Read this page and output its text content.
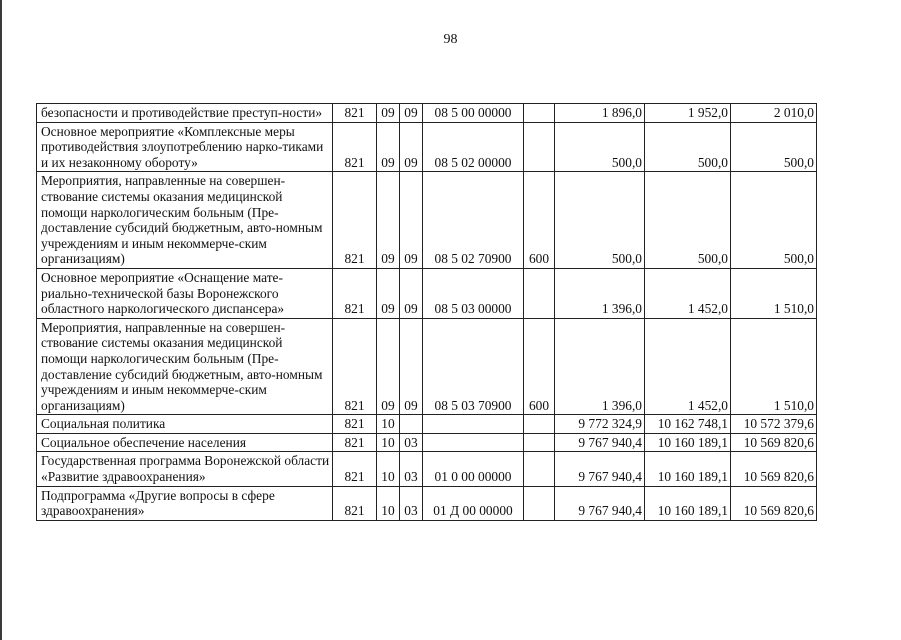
98
безопасности и противодействие преступ-ности»	821	09	09	08 5 00 00000		1 896,0	1 952,0	2 010,0
Основное мероприятие «Комплексные меры противодействия злоупотреблению нарко-тиками и их незаконному обороту»	821	09	09	08 5 02 00000		500,0	500,0	500,0
Мероприятия, направленные на совершен-ствование системы оказания медицинской помощи наркологическим больным (Пре-доставление субсидий бюджетным, авто-номным учреждениям и иным некоммерче-ским организациям)	821	09	09	08 5 02 70900	600	500,0	500,0	500,0
Основное мероприятие «Оснащение мате-риально-технической базы Воронежского областного наркологического диспансера»	821	09	09	08 5 03 00000		1 396,0	1 452,0	1 510,0
Мероприятия, направленные на совершен-ствование системы оказания медицинской помощи наркологическим больным (Пре-доставление субсидий бюджетным, авто-номным учреждениям и иным некоммерче-ским организациям)	821	09	09	08 5 03 70900	600	1 396,0	1 452,0	1 510,0
Социальная политика	821	10				9 772 324,9	10 162 748,1	10 572 379,6
Социальное обеспечение населения	821	10	03			9 767 940,4	10 160 189,1	10 569 820,6
Государственная программа Воронежской области «Развитие здравоохранения»	821	10	03	01 0 00 00000		9 767 940,4	10 160 189,1	10 569 820,6
Подпрограмма «Другие вопросы в сфере здравоохранения»	821	10	03	01 Д 00 00000		9 767 940,4	10 160 189,1	10 569 820,6
